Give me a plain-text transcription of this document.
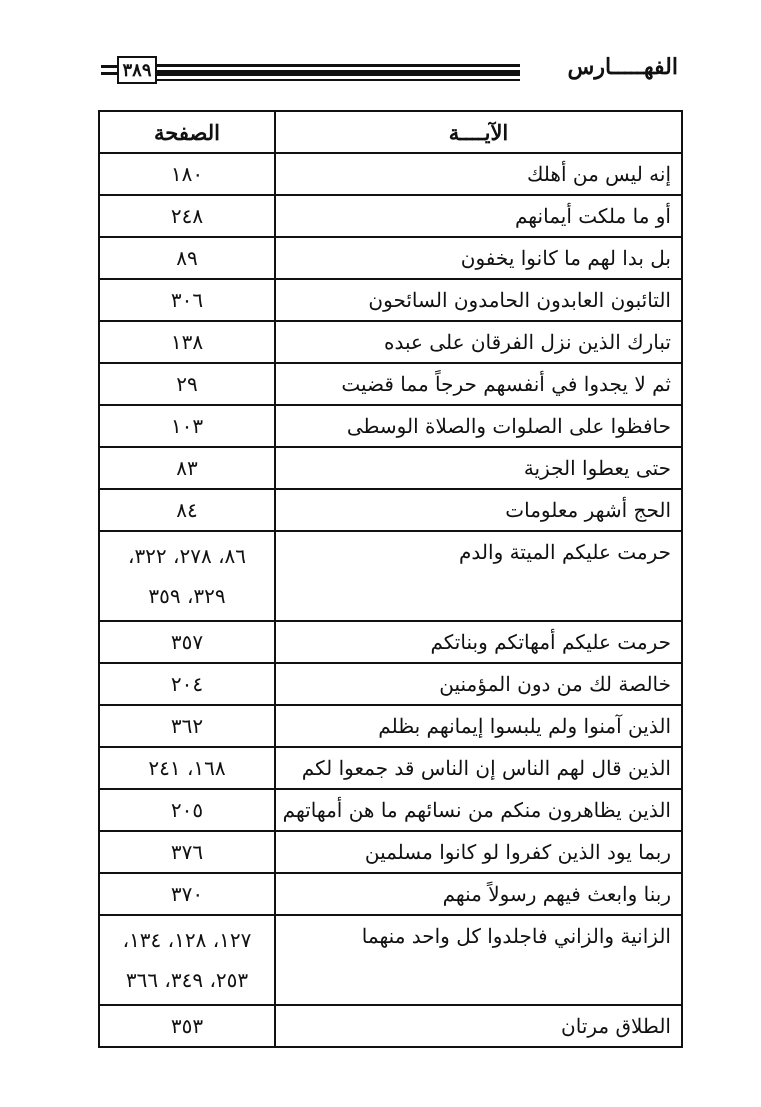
٣٨٩	الفهـــــارس
الآيــــة	الصفحة
إنه ليس من أهلك	١٨٠
أو ما ملكت أيمانهم	٢٤٨
بل بدا لهم ما كانوا يخفون	٨٩
التائبون العابدون الحامدون السائحون	٣٠٦
تبارك الذين نزل الفرقان على عبده	١٣٨
ثم لا يجدوا في أنفسهم حرجاً مما قضيت	٢٩
حافظوا على الصلوات والصلاة الوسطى	١٠٣
حتى يعطوا الجزية	٨٣
الحج أشهر معلومات	٨٤
حرمت عليكم الميتة والدم	٨٦، ٢٧٨، ٣٢٢،
٣٢٩، ٣٥٩

حرمت عليكم أمهاتكم وبناتكم	٣٥٧
خالصة لك من دون المؤمنين	٢٠٤
الذين آمنوا ولم يلبسوا إيمانهم بظلم	٣٦٢
الذين قال لهم الناس إن الناس قد جمعوا لكم	١٦٨، ٢٤١
الذين يظاهرون منكم من نسائهم ما هن أمهاتهم	٢٠٥
ربما يود الذين كفروا لو كانوا مسلمين	٣٧٦
ربنا وابعث فيهم رسولاً منهم	٣٧٠
الزانية والزاني فاجلدوا كل واحد منهما	١٢٧، ١٢٨، ١٣٤،
٢٥٣، ٣٤٩، ٣٦٦

الطلاق مرتان	٣٥٣
